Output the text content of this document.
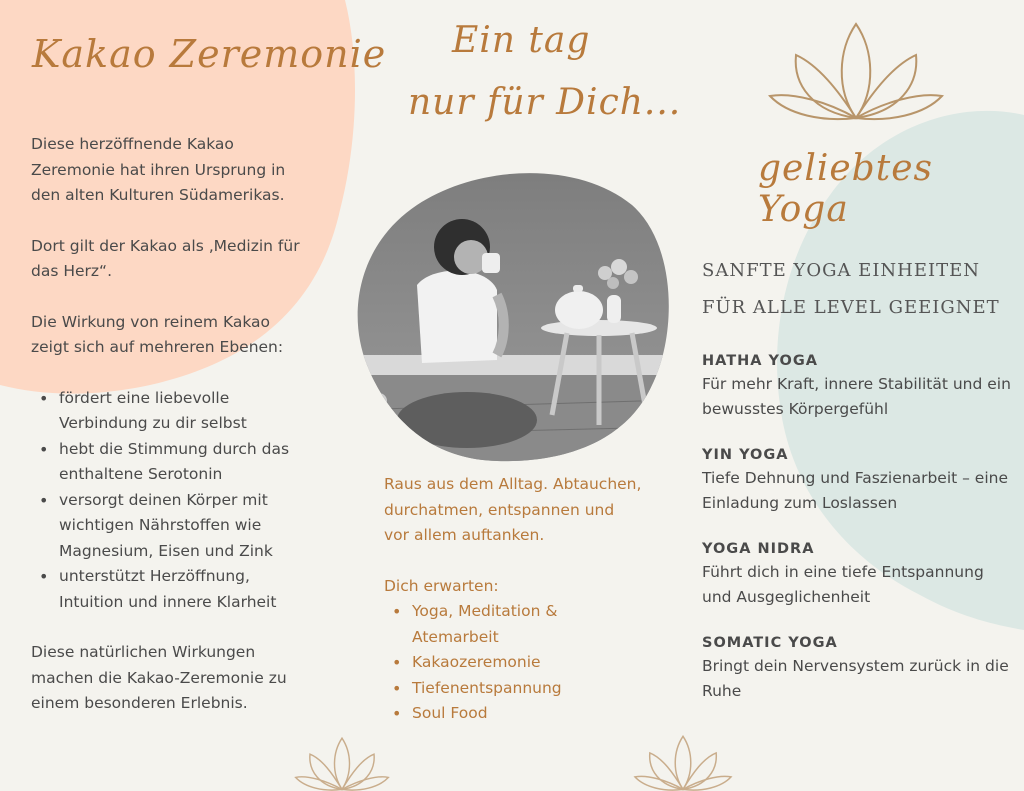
Kakao Zeremonie

Diese herzöffnende Kakao Zeremonie hat ihren Ursprung in den alten Kulturen Südamerikas.

Dort gilt der Kakao als ‚Medizin für das Herz“.

Die Wirkung von reinem Kakao zeigt sich auf mehreren Ebenen:

• fördert eine liebevolle Verbindung zu dir selbst
• hebt die Stimmung durch das enthaltene Serotonin
• versorgt deinen Körper mit wichtigen Nährstoffen wie Magnesium, Eisen und Zink
• unterstützt Herzöffnung, Intuition und innere Klarheit

Diese natürlichen Wirkungen machen die Kakao-Zeremonie zu einem besonderen Erlebnis.

Ein tag
nur für Dich...

Raus aus dem Alltag. Abtauchen, durchatmen, entspannen und vor allem auftanken.

Dich erwarten:

• Yoga, Meditation & Atemarbeit
• Kakaozeremonie
• Tiefenentspannung
• Soul Food
geliebtes Yoga
SANFTE YOGA EINHEITEN
FÜR ALLE LEVEL GEEIGNET
HATHA YOGA

Für mehr Kraft, innere Stabilität und ein bewusstes Körpergefühl

YIN YOGA

Tiefe Dehnung und Faszienarbeit – eine Einladung zum Loslassen

YOGA NIDRA

Führt dich in eine tiefe Entspannung und Ausgeglichenheit

SOMATIC YOGA

Bringt dein Nervensystem zurück in die Ruhe
